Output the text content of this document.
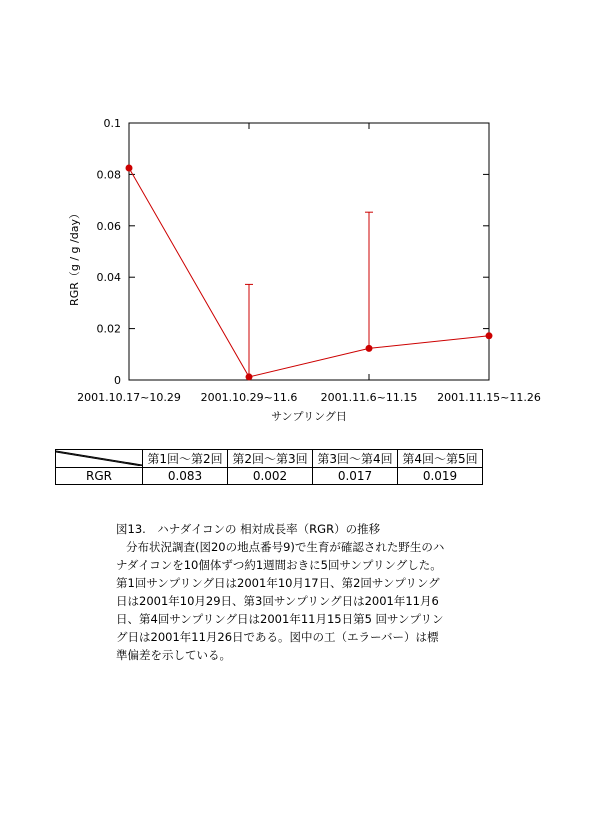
0
0.02
0.04
0.06
0.08
0.1
2001.10.17~10.29 2001.10.29~11.6 2001.11.6~11.15 2001.11.15~11.26
RGR（g / g /day）
サンプリング日
	第1回～第2回	第2回～第3回	第3回～第4回	第4回～第5回
RGR	0.083	0.002	0.017	0.019

図13.　ハナダイコンの 相対成長率（RGR）の推移

分布状況調査(図20の地点番号9)で生育が確認された野生のハナダイコンを10個体ずつ約1週間おきに5回サンプリングした。第1回サンプリング日は2001年10月17日、第2回サンプリング日は2001年10月29日、第3回サンプリング日は2001年11月6日、第4回サンプリング日は2001年11月15日第5 回サンプリング日は2001年11月26日である。図中の工（エラーバー）は標準偏差を示している。
